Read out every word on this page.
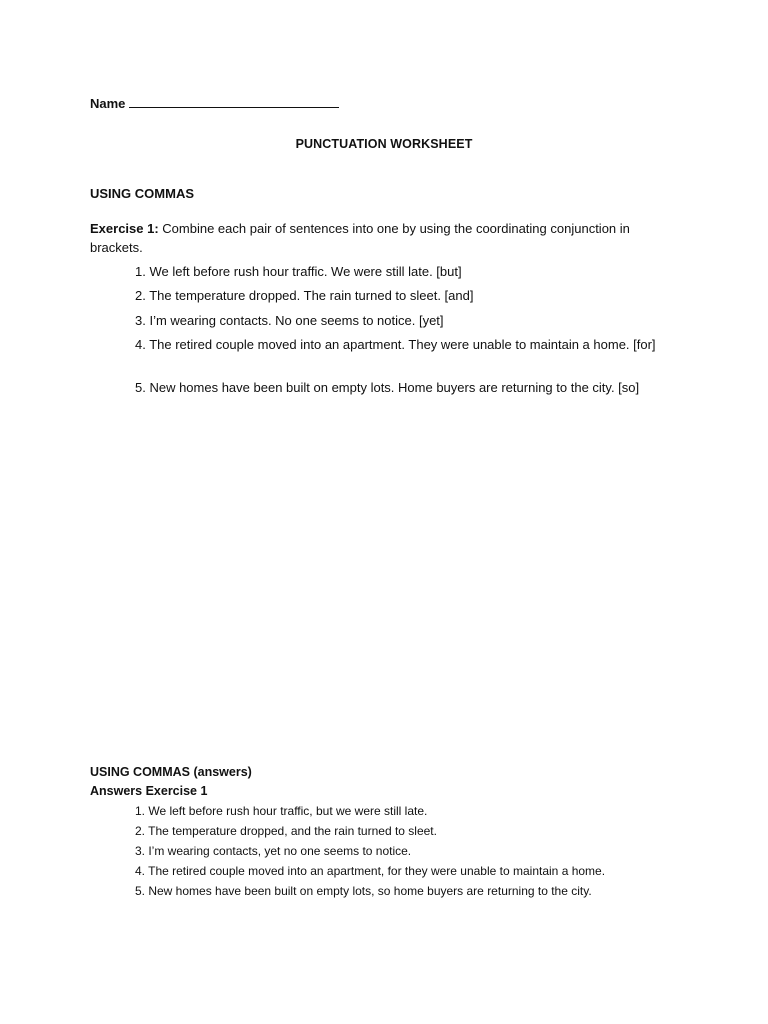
Name
PUNCTUATION WORKSHEET
USING COMMAS
Exercise 1: Combine each pair of sentences into one by using the coordinating conjunction in brackets.
1. We left before rush hour traffic. We were still late. [but]
2. The temperature dropped. The rain turned to sleet. [and]
3. I’m wearing contacts. No one seems to notice. [yet]
4. The retired couple moved into an apartment. They were unable to maintain a home. [for]
5. New homes have been built on empty lots. Home buyers are returning to the city. [so]
USING COMMAS (answers)
Answers Exercise 1
1. We left before rush hour traffic, but we were still late.
2. The temperature dropped, and the rain turned to sleet.
3. I’m wearing contacts, yet no one seems to notice.
4. The retired couple moved into an apartment, for they were unable to maintain a home.
5. New homes have been built on empty lots, so home buyers are returning to the city.
